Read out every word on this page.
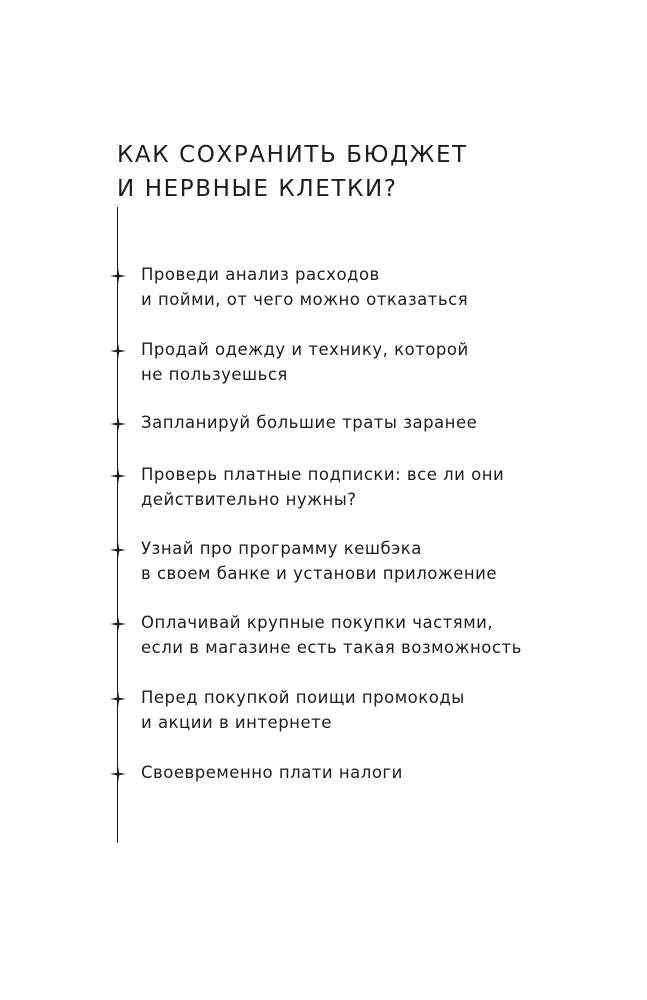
КАК СОХРАНИТЬ БЮДЖЕТ
И НЕРВНЫЕ КЛЕТКИ?

Проведи анализ расходов
и пойми, от чего можно отказаться

Продай одежду и технику, которой
не пользуешься

Запланируй большие траты заранее

Проверь платные подписки: все ли они
действительно нужны?

Узнай про программу кешбэка
в своем банке и установи приложение

Оплачивай крупные покупки частями,
если в магазине есть такая возможность

Перед покупкой поищи промокоды
и акции в интернете

Своевременно плати налоги
